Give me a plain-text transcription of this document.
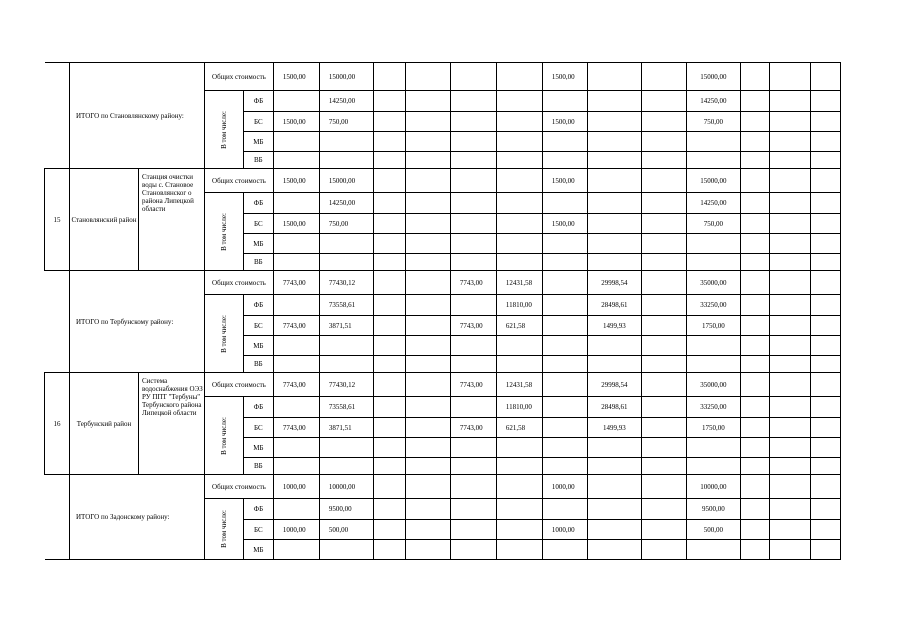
	ИТОГО по Становлянскому району:		Общих стоимость		1500,00	15000,00					1500,00			15000,00			
			В том числе:	ФБ		14250,00								14250,00			
				БС	1500,00	750,00					1500,00			750,00			
				МБ													
				ВБ													
15	Становлянский район	Станция очистки воды с. Становое Становлянског о района Липецкой области	Общих стоимость		1500,00	15000,00					1500,00			15000,00			
			В том числе:	ФБ		14250,00								14250,00			
				БС	1500,00	750,00					1500,00			750,00			
				МБ													
				ВБ													
	ИТОГО по Тербунскому району:		Общих стоимость		7743,00	77430,12			7743,00	12431,58		29998,54		35000,00			
			В том числе:	ФБ		73558,61				11810,00		28498,61		33250,00			
				БС	7743,00	3871,51			7743,00	621,58		1499,93		1750,00			
				МБ													
				ВБ													
16	Тербунский район	Система водоснабжения ОЭЗ РУ ППТ "Тербуны" Тербунского района Липецкой области	Общих стоимость		7743,00	77430,12			7743,00	12431,58		29998,54		35000,00			
			В том числе:	ФБ		73558,61				11810,00		28498,61		33250,00			
				БС	7743,00	3871,51			7743,00	621,58		1499,93		1750,00			
				МБ													
				ВБ													
	ИТОГО по Задонскому району:		Общих стоимость		1000,00	10000,00					1000,00			10000,00			
			В том числе:	ФБ		9500,00								9500,00			
				БС	1000,00	500,00					1000,00			500,00			
				МБ													
